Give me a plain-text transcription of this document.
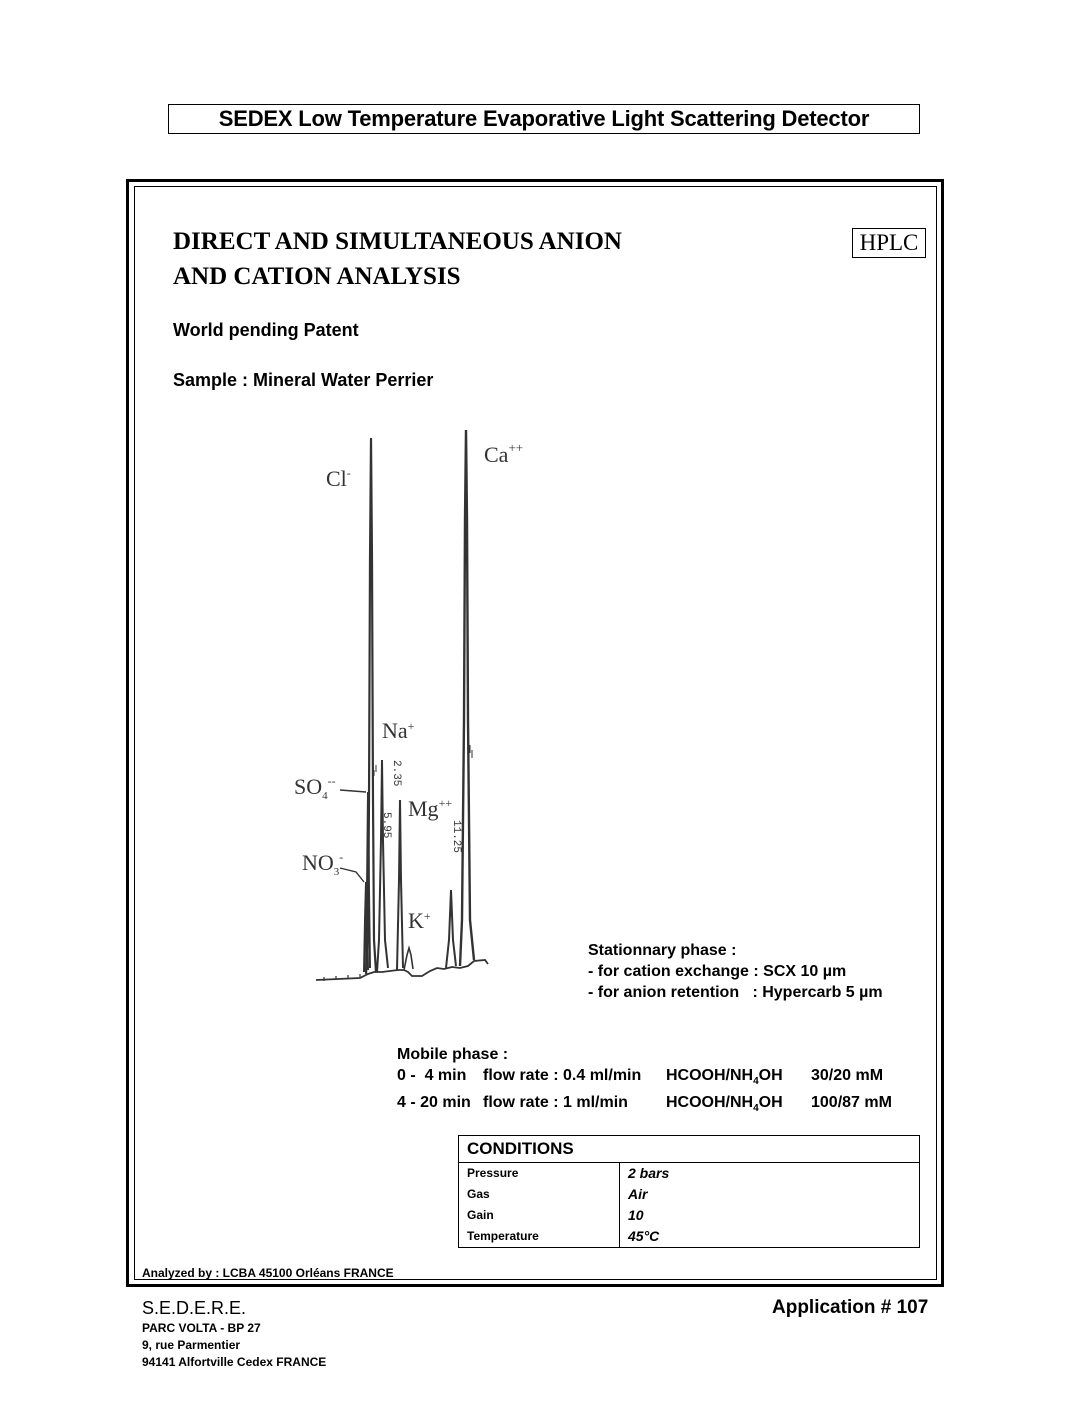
SEDEX Low Temperature Evaporative Light Scattering Detector
DIRECT AND SIMULTANEOUS ANION
AND CATION ANALYSIS
HPLC
World pending Patent
Sample : Mineral Water Perrier
Cl-
Ca++
Na+
$SO_4^{--}$
Mg++
$NO_3^-$
K+
2.35
5.95	11.25
Stationnary phase :
- for cation exchange : SCX 10 µm
- for anion retention   : Hypercarb 5 µm
Mobile phase :
0 -  4 min flow rate : 0.4 ml/min HCOOH/$NH_4OH$ 30/20 mM
4 - 20 min flow rate : 1 ml/min HCOOH/$NH_4OH$ 100/87 mM
CONDITIONS
Pressure	2 bars
Gas	Air
Gain	10
Temperature	45°C
Analyzed by : LCBA 45100 Orléans FRANCE
S.E.D.E.R.E.
PARC VOLTA - BP 27
9, rue Parmentier
94141 Alfortville Cedex FRANCE
Application # 107
